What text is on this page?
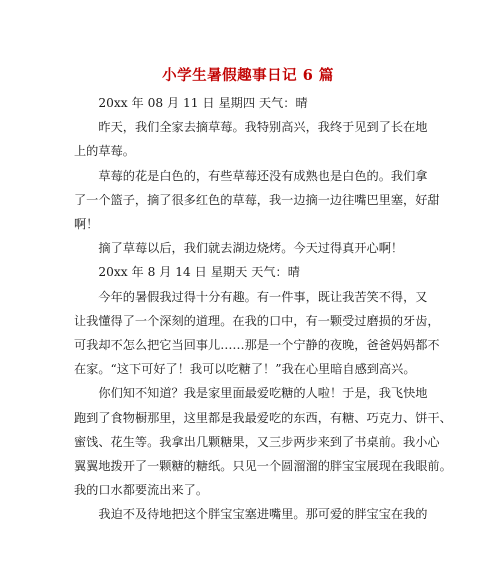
小学生暑假趣事日记 6 篇
20xx 年 08 月 11 日 星期四 天气：晴
昨天，我们全家去摘草莓。我特别高兴，我终于见到了长在地
上的草莓。
草莓的花是白色的，有些草莓还没有成熟也是白色的。我们拿
了一个篮子，摘了很多红色的草莓，我一边摘一边往嘴巴里塞，好甜
啊！
摘了草莓以后，我们就去湖边烧烤。今天过得真开心啊！
20xx 年 8 月 14 日 星期天 天气：晴
今年的暑假我过得十分有趣。有一件事，既让我苦笑不得，又
让我懂得了一个深刻的道理。在我的口中，有一颗受过磨损的牙齿，
可我却不怎么把它当回事儿……那是一个宁静的夜晚，爸爸妈妈都不
在家。“这下可好了！我可以吃糖了！”我在心里暗自感到高兴。
你们知不知道？我是家里面最爱吃糖的人啦！于是，我飞快地
跑到了食物橱那里，这里都是我最爱吃的东西，有糖、巧克力、饼干、
蜜饯、花生等。我拿出几颗糖果，又三步两步来到了书桌前。我小心
翼翼地拨开了一颗糖的糖纸。只见一个圆溜溜的胖宝宝展现在我眼前。
我的口水都要流出来了。
我迫不及待地把这个胖宝宝塞进嘴里。那可爱的胖宝宝在我的
